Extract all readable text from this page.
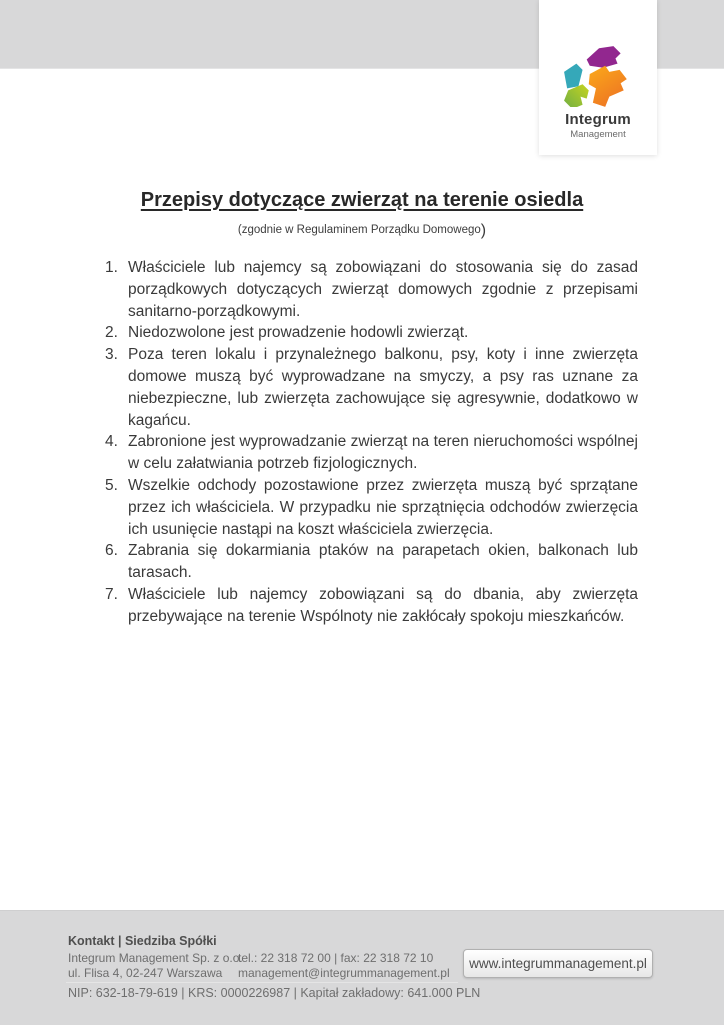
Integrum
Management
Przepisy dotyczące zwierząt na terenie osiedla
(zgodnie w Regulaminem Porządku Domowego)
1. Właściciele lub najemcy są zobowiązani do stosowania się do zasad porządkowych dotyczących zwierząt domowych zgodnie z przepisami sanitarno-porządkowymi.
2. Niedozwolone jest prowadzenie hodowli zwierząt.
3. Poza teren lokalu i przynależnego balkonu, psy, koty i inne zwierzęta domowe muszą być wyprowadzane na smyczy, a psy ras uznane za niebezpieczne, lub zwierzęta zachowujące się agresywnie, dodatkowo w kagańcu.
4. Zabronione jest wyprowadzanie zwierząt na teren nieruchomości wspólnej w celu załatwiania potrzeb fizjologicznych.
5. Wszelkie odchody pozostawione przez zwierzęta muszą być sprzątane przez ich właściciela. W przypadku nie sprzątnięcia odchodów zwierzęcia ich usunięcie nastąpi na koszt właściciela zwierzęcia.
6. Zabrania się dokarmiania ptaków na parapetach okien, balkonach lub tarasach.
7. Właściciele lub najemcy zobowiązani są do dbania, aby zwierzęta przebywające na terenie Wspólnoty nie zakłócały spokoju mieszkańców.
Kontakt | Siedziba Spółki
Integrum Management Sp. z o.o.
ul. Flisa 4, 02-247 Warszawa
tel.: 22 318 72 00 | fax: 22 318 72 10
management@integrummanagement.pl
NIP: 632-18-79-619 | KRS: 0000226987 | Kapitał zakładowy: 641.000 PLN
www.integrummanagement.pl
